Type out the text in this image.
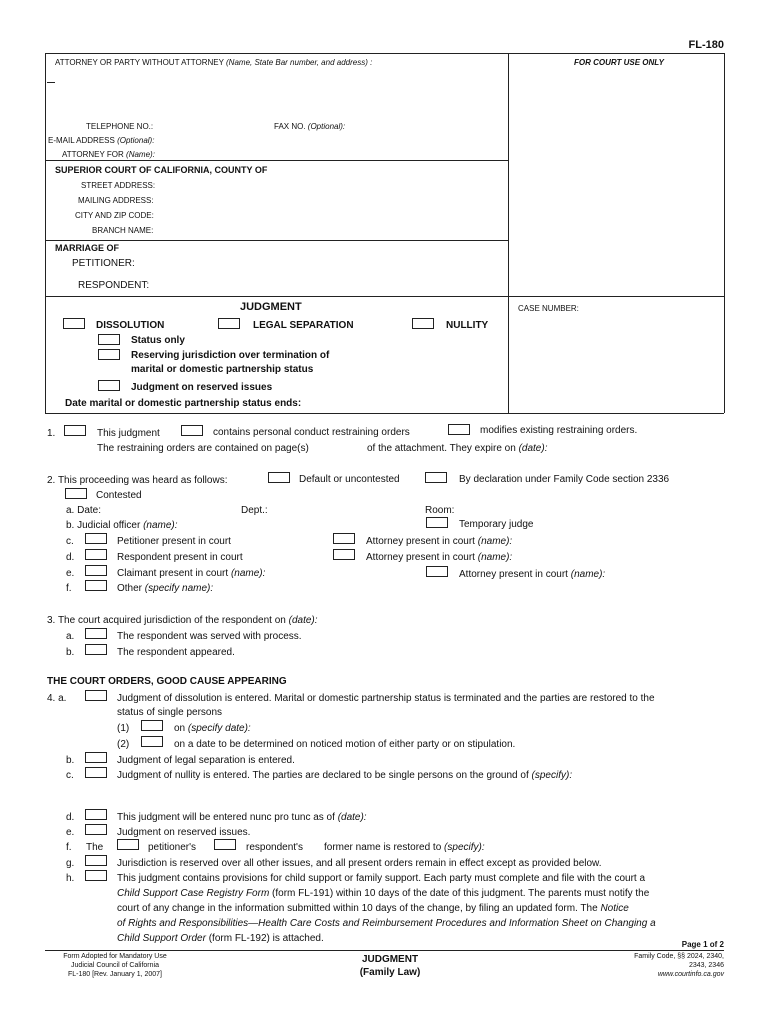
FL-180
ATTORNEY OR PARTY WITHOUT ATTORNEY (Name, State Bar number, and address) :	FOR COURT USE ONLY
TELEPHONE NO.:	FAX NO. (Optional):
E-MAIL ADDRESS (Optional):
ATTORNEY FOR (Name):
SUPERIOR COURT OF CALIFORNIA, COUNTY OF
STREET ADDRESS:
MAILING ADDRESS:
CITY AND ZIP CODE:
BRANCH NAME:
MARRIAGE OF
PETITIONER:
RESPONDENT:
JUDGMENT	CASE NUMBER:
DISSOLUTION	LEGAL SEPARATION	NULLITY
Status only
Reserving jurisdiction over termination of
marital or domestic partnership status
Judgment on reserved issues
Date marital or domestic partnership status ends:
1.	This judgment	contains personal conduct restraining orders	modifies existing restraining orders.
The restraining orders are contained on page(s)	of the attachment. They expire on (date):
2. This proceeding was heard as follows:	Default or uncontested	By declaration under Family Code section 2336
Contested
a. Date:	Dept.:	Room:
b. Judicial officer (name):	Temporary judge
c.	Petitioner present in court	Attorney present in court (name):
d.	Respondent present in court	Attorney present in court (name):
e.	Claimant present in court (name):	Attorney present in court (name):
f.	Other (specify name):
3. The court acquired jurisdiction of the respondent on (date):
a.	The respondent was served with process.
b.	The respondent appeared.
THE COURT ORDERS, GOOD CAUSE APPEARING
4. a.	Judgment of dissolution is entered. Marital or domestic partnership status is terminated and the parties are restored to the
status of single persons
(1)	on (specify date):
(2)	on a date to be determined on noticed motion of either party or on stipulation.
b.	Judgment of legal separation is entered.
c.	Judgment of nullity is entered. The parties are declared to be single persons on the ground of (specify):
d.	This judgment will be entered nunc pro tunc as of (date):
e.	Judgment on reserved issues.
f. The	petitioner's	respondent's former name is restored to (specify):
g.	Jurisdiction is reserved over all other issues, and all present orders remain in effect except as provided below.
h.	This judgment contains provisions for child support or family support. Each party must complete and file with the court a
Child Support Case Registry Form (form FL-191) within 10 days of the date of this judgment. The parents must notify the
court of any change in the information submitted within 10 days of the change, by filing an updated form. The Notice
of Rights and Responsibilities—Health Care Costs and Reimbursement Procedures and Information Sheet on Changing a
Child Support Order (form FL-192) is attached.
Page 1 of 2
Form Adopted for Mandatory Use
Judicial Council of California
FL-180 [Rev. January 1, 2007]
JUDGMENT
(Family Law)
Family Code, §§ 2024, 2340,
2343, 2346
www.courtinfo.ca.gov
